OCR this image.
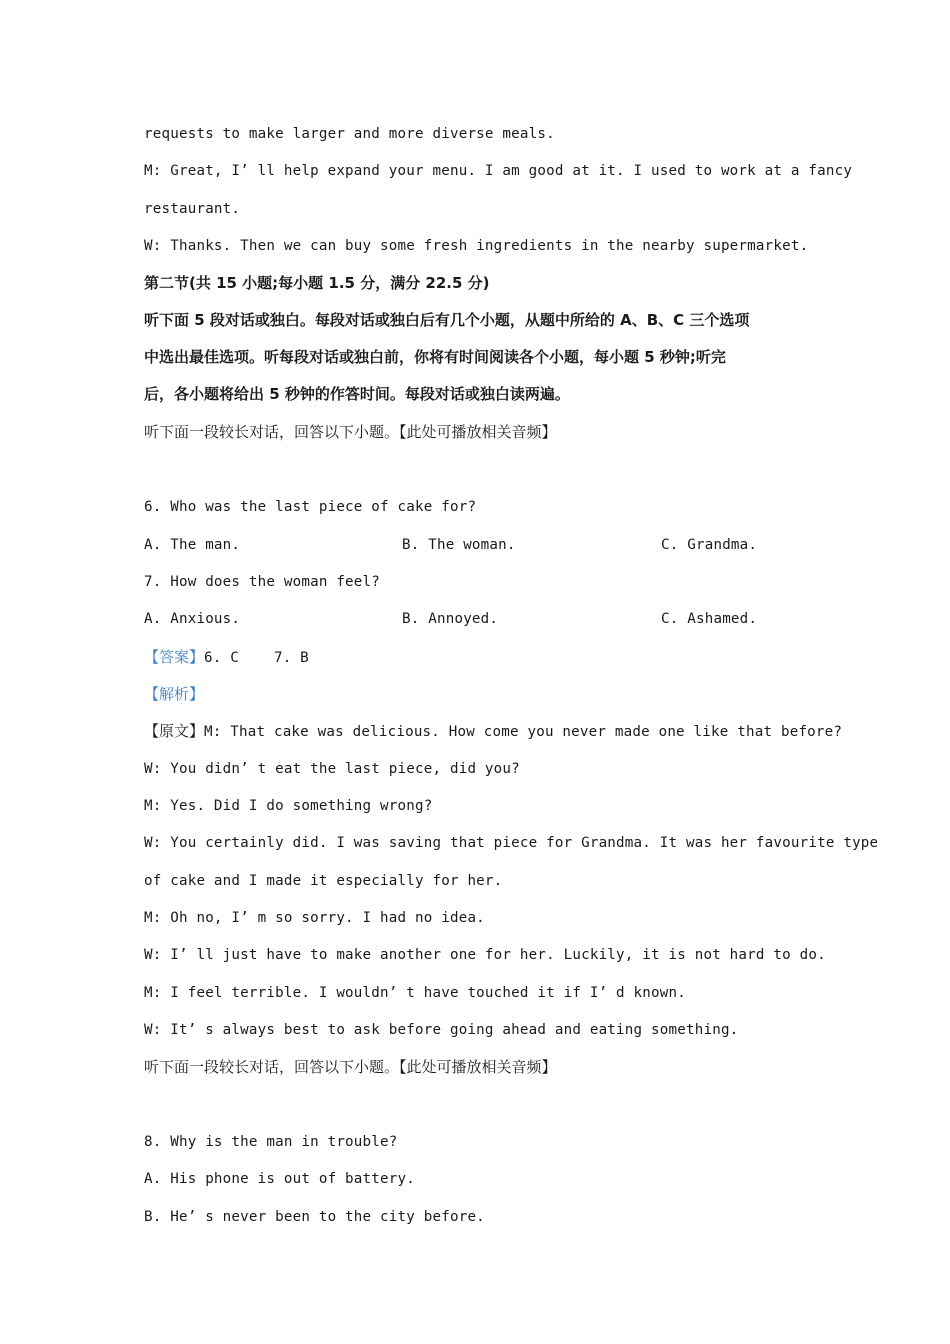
requests to make larger and more diverse meals.
M: Great, I’ ll help expand your menu. I am good at it. I used to work at a fancy
restaurant.
W: Thanks. Then we can buy some fresh ingredients in the nearby supermarket.
第二节(共 15 小题;每小题 1.5 分，满分 22.5 分)
听下面 5 段对话或独白。每段对话或独白后有几个小题，从题中所给的 A、B、C 三个选项
中选出最佳选项。听每段对话或独白前，你将有时间阅读各个小题，每小题 5 秒钟;听完
后，各小题将给出 5 秒钟的作答时间。每段对话或独白读两遍。
听下面一段较长对话，回答以下小题。【此处可播放相关音频】
6. Who was the last piece of cake for?
A. The man.	B. The woman.	C. Grandma.
7. How does the woman feel?
A. Anxious.	B. Annoyed.	C. Ashamed.
【答案】6. C    7. B
【解析】
【原文】M: That cake was delicious. How come you never made one like that before?
W: You didn’ t eat the last piece, did you?
M: Yes. Did I do something wrong?
W: You certainly did. I was saving that piece for Grandma. It was her favourite type
of cake and I made it especially for her.
M: Oh no, I’ m so sorry. I had no idea.
W: I’ ll just have to make another one for her. Luckily, it is not hard to do.
M: I feel terrible. I wouldn’ t have touched it if I’ d known.
W: It’ s always best to ask before going ahead and eating something.
听下面一段较长对话，回答以下小题。【此处可播放相关音频】
8. Why is the man in trouble?
A. His phone is out of battery.
B. He’ s never been to the city before.
